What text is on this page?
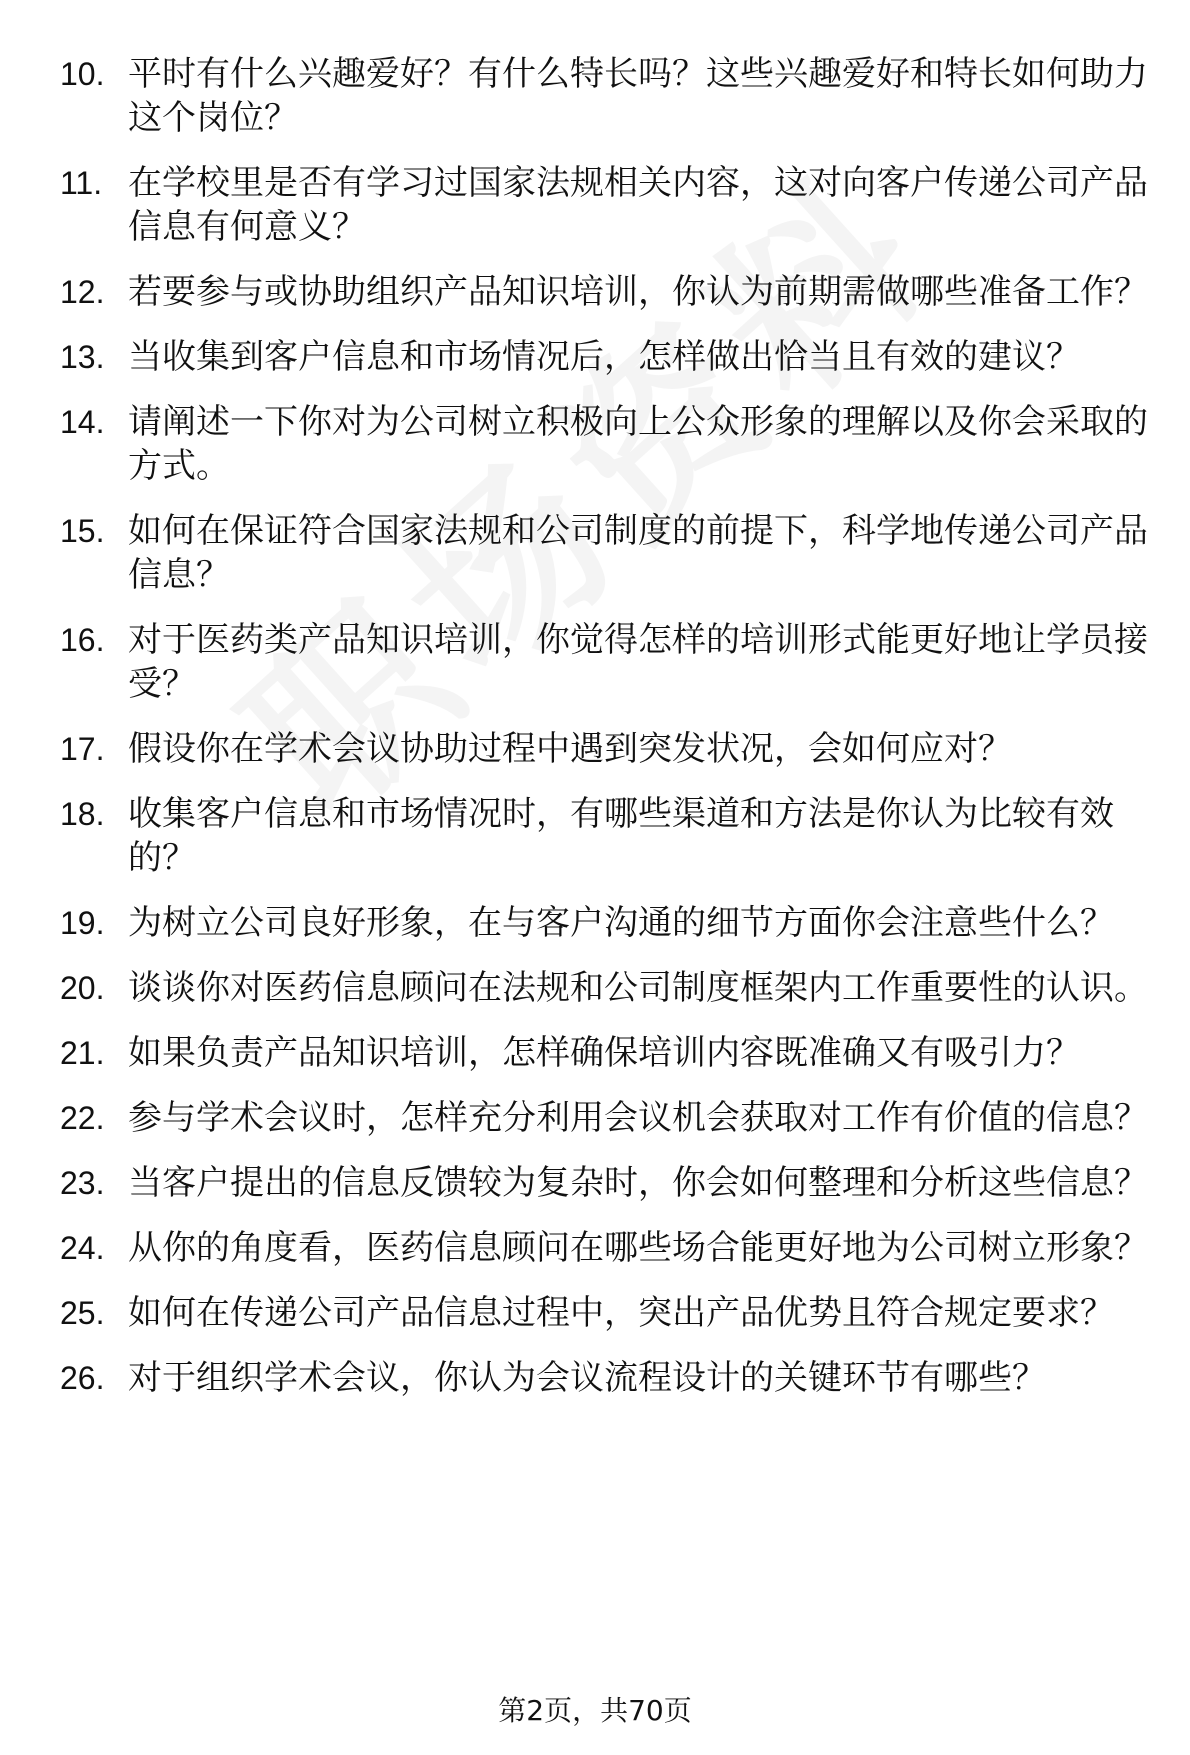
10. 平时有什么兴趣爱好？有什么特长吗？这些兴趣爱好和特长如何助力这个岗位？
11. 在学校里是否有学习过国家法规相关内容，这对向客户传递公司产品信息有何意义？
12. 若要参与或协助组织产品知识培训，你认为前期需做哪些准备工作？
13. 当收集到客户信息和市场情况后，怎样做出恰当且有效的建议？
14. 请阐述一下你对为公司树立积极向上公众形象的理解以及你会采取的方式。
15. 如何在保证符合国家法规和公司制度的前提下，科学地传递公司产品信息？
16. 对于医药类产品知识培训，你觉得怎样的培训形式能更好地让学员接受？
17. 假设你在学术会议协助过程中遇到突发状况，会如何应对？
18. 收集客户信息和市场情况时，有哪些渠道和方法是你认为比较有效的？
19. 为树立公司良好形象，在与客户沟通的细节方面你会注意些什么？
20. 谈谈你对医药信息顾问在法规和公司制度框架内工作重要性的认识。
21. 如果负责产品知识培训，怎样确保培训内容既准确又有吸引力？
22. 参与学术会议时，怎样充分利用会议机会获取对工作有价值的信息？
23. 当客户提出的信息反馈较为复杂时，你会如何整理和分析这些信息？
24. 从你的角度看，医药信息顾问在哪些场合能更好地为公司树立形象？
25. 如何在传递公司产品信息过程中，突出产品优势且符合规定要求？
26. 对于组织学术会议，你认为会议流程设计的关键环节有哪些？
第2页，共70页
